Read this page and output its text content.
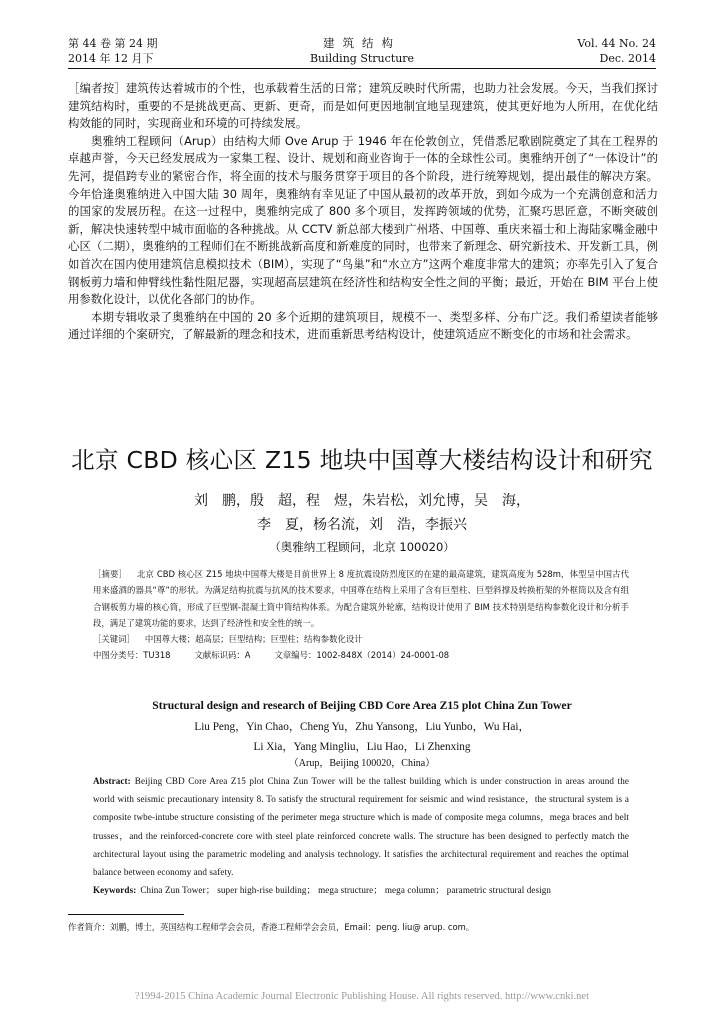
第 44 卷 第 24 期
2014 年 12 月下
建筑结构
Building Structure
Vol. 44 No. 24
Dec. 2014

［编者按］建筑传达着城市的个性，也承载着生活的日常；建筑反映时代所需，也助力社会发展。今天，当我们探讨建筑结构时，重要的不是挑战更高、更新、更奇，而是如何更因地制宜地呈现建筑，使其更好地为人所用，在优化结构效能的同时，实现商业和环境的可持续发展。

奥雅纳工程顾问（Arup）由结构大师 Ove Arup 于 1946 年在伦敦创立，凭借悉尼歌剧院奠定了其在工程界的卓越声誉，今天已经发展成为一家集工程、设计、规划和商业咨询于一体的全球性公司。奥雅纳开创了“一体设计”的先河，提倡跨专业的紧密合作，将全面的技术与服务贯穿于项目的各个阶段，进行统筹规划，提出最佳的解决方案。今年恰逢奥雅纳进入中国大陆 30 周年，奥雅纳有幸见证了中国从最初的改革开放，到如今成为一个充满创意和活力的国家的发展历程。在这一过程中，奥雅纳完成了 800 多个项目，发挥跨领域的优势，汇聚巧思匠意，不断突破创新，解决快速转型中城市面临的各种挑战。从 CCTV 新总部大楼到广州塔、中国尊、重庆来福士和上海陆家嘴金融中心区（二期），奥雅纳的工程师们在不断挑战新高度和新难度的同时，也带来了新理念、研究新技术、开发新工具，例如首次在国内使用建筑信息模拟技术（BIM），实现了“鸟巢”和“水立方”这两个难度非常大的建筑；亦率先引入了复合钢板剪力墙和伸臂线性黏性阻尼器，实现超高层建筑在经济性和结构安全性之间的平衡；最近，开始在 BIM 平台上使用参数化设计，以优化各部门的协作。

本期专辑收录了奥雅纳在中国的 20 多个近期的建筑项目，规模不一、类型多样、分布广泛。我们希望读者能够通过详细的个案研究，了解最新的理念和技术，进而重新思考结构设计，使建筑适应不断变化的市场和社会需求。

北京 CBD 核心区 Z15 地块中国尊大楼结构设计和研究
刘　鹏，殷　超，程　煜，朱岩松，刘允博，吴　海，
李　夏，杨名流，刘　浩，李振兴
（奥雅纳工程顾问，北京 100020）

［摘要］ 北京 CBD 核心区 Z15 地块中国尊大楼是目前世界上 8 度抗震设防烈度区的在建的最高建筑，建筑高度为 528m，体型呈中国古代用来盛酒的器具“尊”的形状。为满足结构抗震与抗风的技术要求，中国尊在结构上采用了含有巨型柱、巨型斜撑及转换桁架的外框筒以及含有组合钢板剪力墙的核心筒，形成了巨型钢-混凝土筒中筒结构体系。为配合建筑外轮廓，结构设计使用了 BIM 技术特别是结构参数化设计和分析手段，满足了建筑功能的要求，达到了经济性和安全性的统一。

［关键词］ 中国尊大楼；超高层；巨型结构；巨型柱；结构参数化设计

中图分类号：TU318	文献标识码：A	文章编号：1002-848X（2014）24-0001-08

Structural design and research of Beijing CBD Core Area Z15 plot China Zun Tower
Liu Peng，Yin Chao，Cheng Yu，Zhu Yansong，Liu Yunbo，Wu Hai，
Li Xia，Yang Mingliu，Liu Hao，Li Zhenxing
（Arup，Beijing 100020，China）

Abstract: Beijing CBD Core Area Z15 plot China Zun Tower will be the tallest building which is under construction in areas around the world with seismic precautionary intensity 8. To satisfy the structural requirement for seismic and wind resistance，the structural system is a composite twbe-intube structure consisting of the perimeter mega structure which is made of composite mega columns，mega braces and belt trusses，and the reinforced-concrete core with steel plate reinforced concrete walls. The structure has been designed to perfectly match the architectural layout using the parametric modeling and analysis technology. It satisfies the architectural requirement and reaches the optimal balance between economy and safety.

Keywords: China Zun Tower； super high-rise building； mega structure； mega column； parametric structural design

作者简介：刘鹏，博士，英国结构工程师学会会员，香港工程师学会会员，Email：peng. liu@ arup. com。
?1994-2015 China Academic Journal Electronic Publishing House. All rights reserved. http://www.cnki.net
